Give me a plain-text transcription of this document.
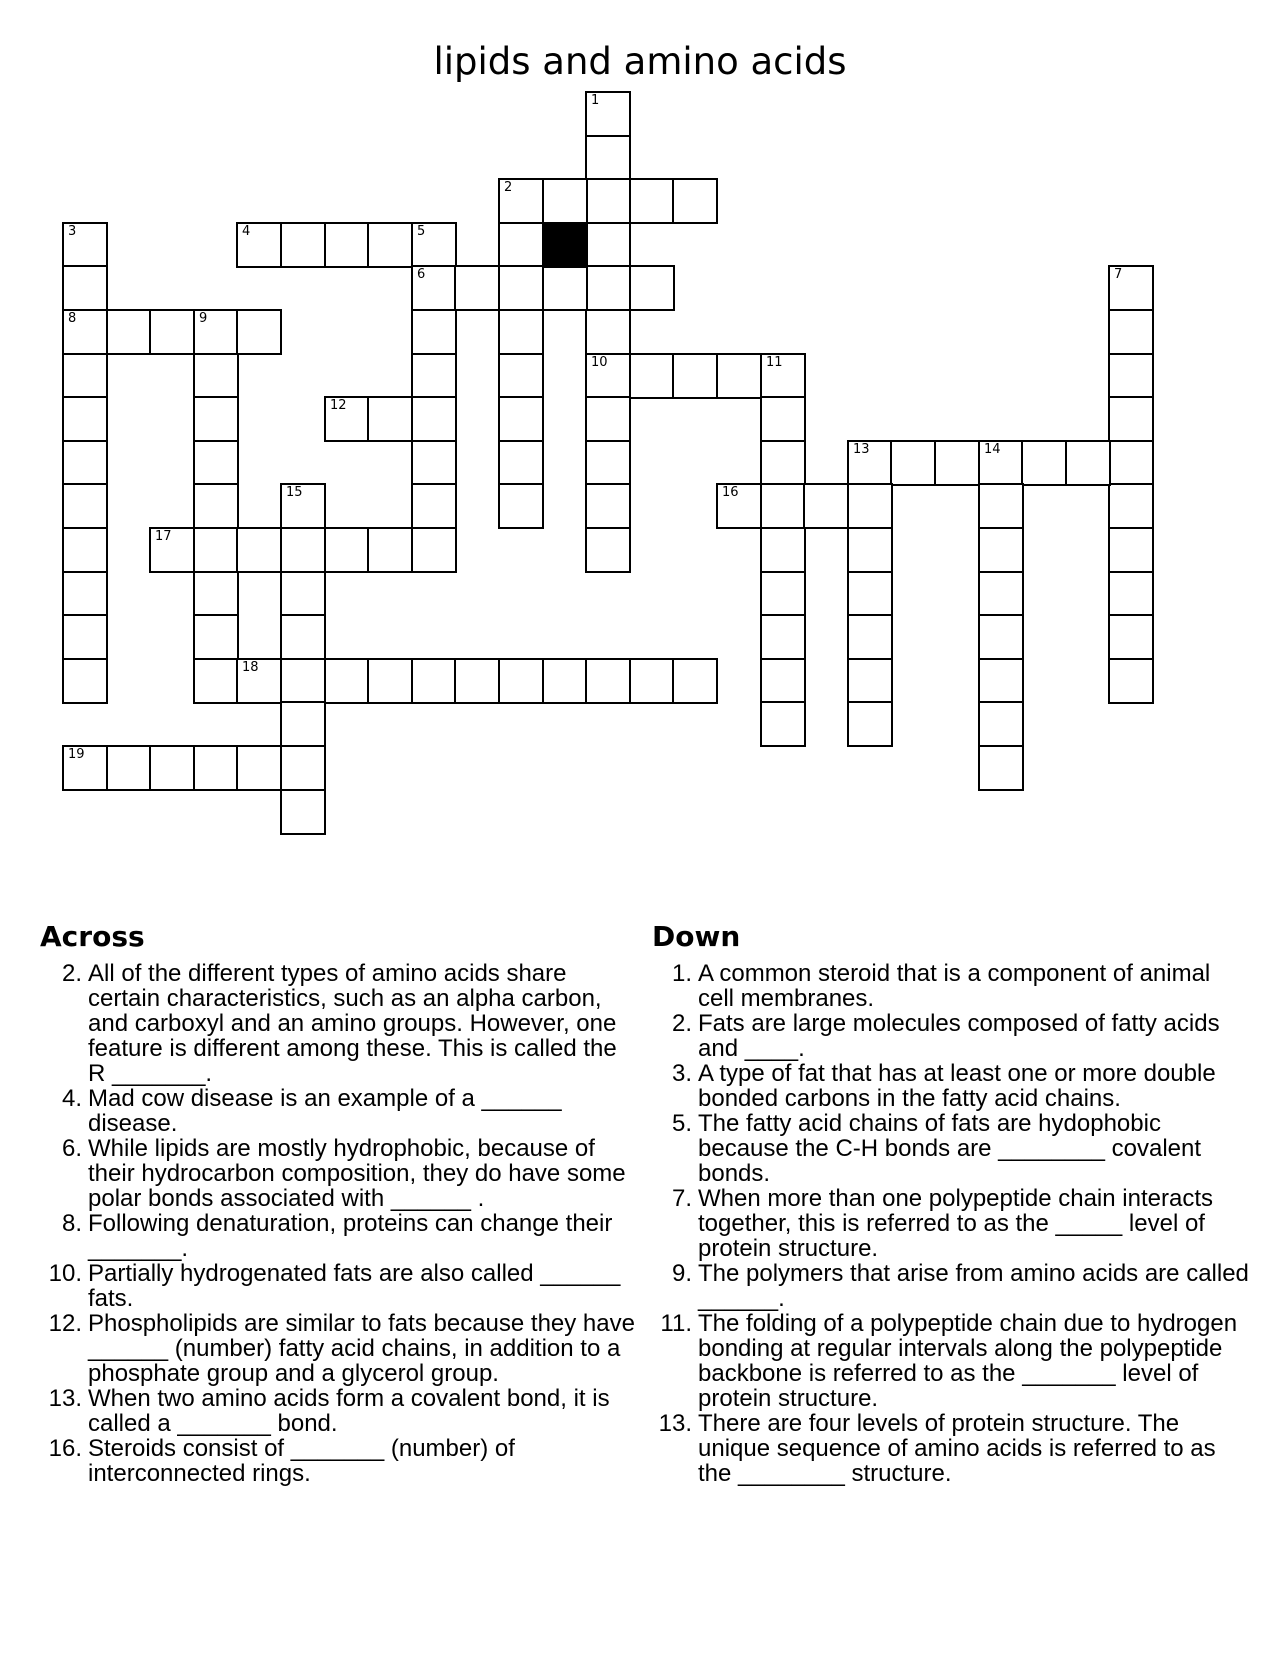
lipids and amino acids
1
10
2
3
8
4	5
6	7
9
11
12
13	14
15	16
17
18
19
Across
2. All of the different types of amino acids share certain characteristics, such as an alpha carbon, and carboxyl and an amino groups. However, one feature is different among these. This is called the R _______.
4. Mad cow disease is an example of a ______ disease.
6. While lipids are mostly hydrophobic, because of their hydrocarbon composition, they do have some polar bonds associated with ______ .
8. Following denaturation, proteins can change their _______.
10. Partially hydrogenated fats are also called ______ fats.
12. Phospholipids are similar to fats because they have ______ (number) fatty acid chains, in addition to a phosphate group and a glycerol group.
13. When two amino acids form a covalent bond, it is called a _______ bond.
16. Steroids consist of _______ (number) of interconnected rings.
Down
1. A common steroid that is a component of animal cell membranes.
2. Fats are large molecules composed of fatty acids and ____.
3. A type of fat that has at least one or more double bonded carbons in the fatty acid chains.
5. The fatty acid chains of fats are hydophobic because the C-H bonds are ________ covalent bonds.
7. When more than one polypeptide chain interacts together, this is referred to as the _____ level of protein structure.
9. The polymers that arise from amino acids are called ______.
11. The folding of a polypeptide chain due to hydrogen bonding at regular intervals along the polypeptide backbone is referred to as the _______ level of protein structure.
13. There are four levels of protein structure. The unique sequence of amino acids is referred to as the ________ structure.
